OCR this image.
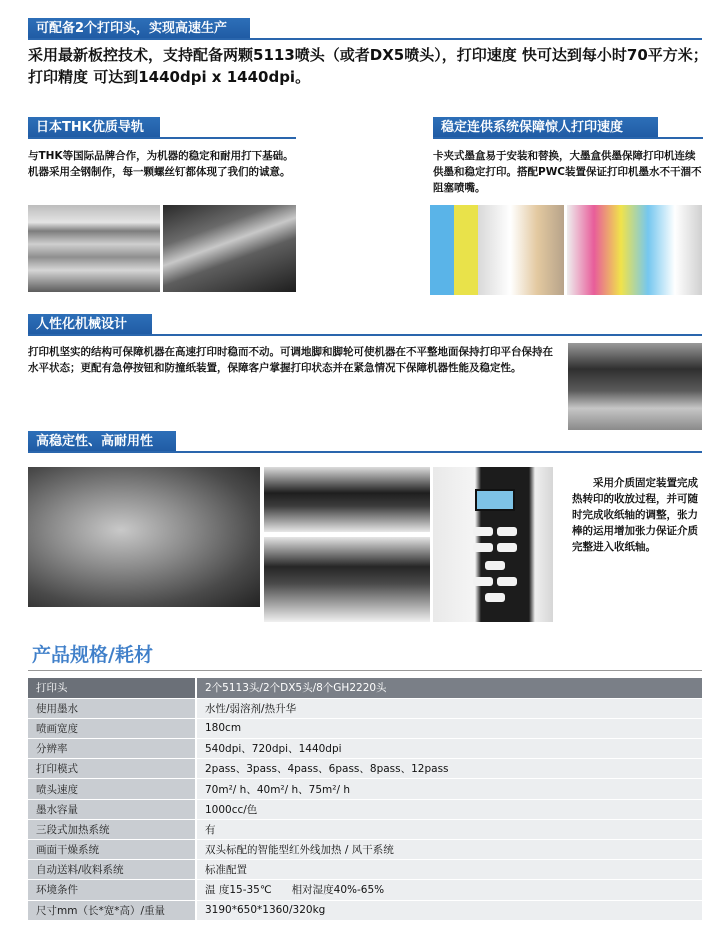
可配备2个打印头，实现高速生产
采用最新板控技术，支持配备两颗5113喷头（或者DX5喷头），打印速度 快可达到每小时70平方米；打印精度 可达到1440dpi x 1440dpi。
日本THK优质导轨
与THK等国际品牌合作，为机器的稳定和耐用打下基础。机器采用全钢制作，每一颗螺丝钉都体现了我们的诚意。
稳定连供系统保障惊人打印速度
卡夹式墨盒易于安装和替换，大墨盒供墨保障打印机连续供墨和稳定打印。搭配PWC装置保证打印机墨水不干涸不阻塞喷嘴。
人性化机械设计
打印机坚实的结构可保障机器在高速打印时稳而不动。可调地脚和脚轮可使机器在不平整地面保持打印平台保持在水平状态；更配有急停按钮和防撞纸装置，保障客户掌握打印状态并在紧急情况下保障机器性能及稳定性。
高稳定性、高耐用性
采用介质固定装置完成热转印的收放过程，并可随时完成收纸轴的调整，张力棒的运用增加张力保证介质完整进入收纸轴。
产品规格/耗材
打印头	2个5113头/2个DX5头/8个GH2220头
使用墨水	水性/弱溶剂/热升华
喷画宽度	180cm
分辨率	540dpi、720dpi、1440dpi
打印模式	2pass、3pass、4pass、6pass、8pass、12pass
喷头速度	70m²/ h、40m²/ h、75m²/ h
墨水容量	1000cc/色
三段式加热系统	有
画面干燥系统	双头标配的智能型红外线加热 / 风干系统
自动送料/收料系统	标准配置
环境条件	温 度15-35℃      相对湿度40%-65%
尺寸mm（长*宽*高）/重量	3190*650*1360/320kg
